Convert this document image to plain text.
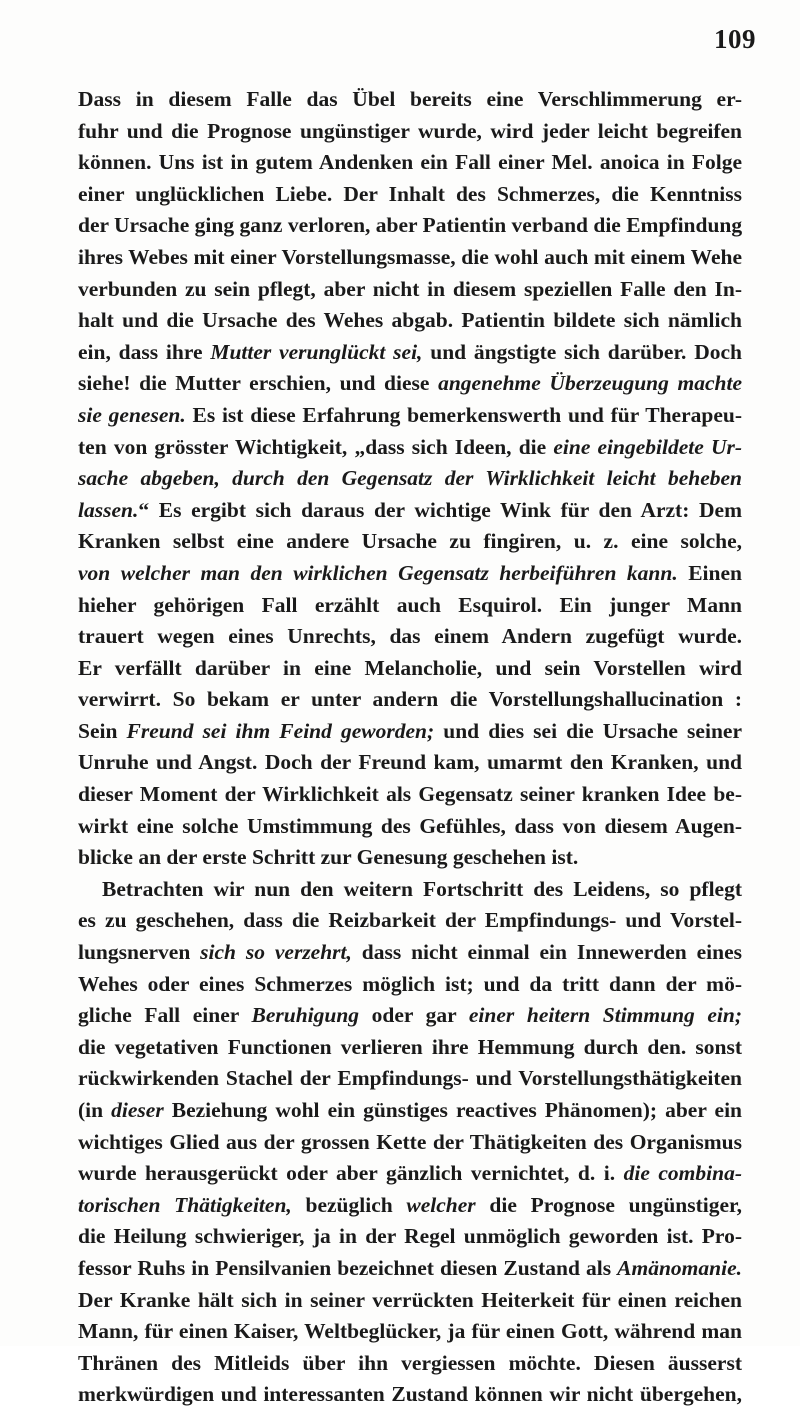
109
Dass in diesem Falle das Übel bereits eine Verschlimmerung er-
fuhr und die Prognose ungünstiger wurde, wird jeder leicht begreifen
können. Uns ist in gutem Andenken ein Fall einer Mel. anoica in Folge
einer unglücklichen Liebe. Der Inhalt des Schmerzes, die Kenntniss
der Ursache ging ganz verloren, aber Patientin verband die Empfindung
ihres Webes mit einer Vorstellungsmasse, die wohl auch mit einem Wehe
verbunden zu sein pflegt, aber nicht in diesem speziellen Falle den In-
halt und die Ursache des Wehes abgab. Patientin bildete sich nämlich
ein, dass ihre Mutter verunglückt sei, und ängstigte sich darüber. Doch
siehe! die Mutter erschien, und diese angenehme Überzeugung machte
sie genesen. Es ist diese Erfahrung bemerkenswerth und für Therapeu-
ten von grösster Wichtigkeit, „dass sich Ideen, die eine eingebildete Ur-
sache abgeben, durch den Gegensatz der Wirklichkeit leicht beheben
lassen.“ Es ergibt sich daraus der wichtige Wink für den Arzt: Dem
Kranken selbst eine andere Ursache zu fingiren, u. z. eine solche,
von welcher man den wirklichen Gegensatz herbeiführen kann. Einen
hieher gehörigen Fall erzählt auch Esquirol. Ein junger Mann
trauert wegen eines Unrechts, das einem Andern zugefügt wurde.
Er verfällt darüber in eine Melancholie, und sein Vorstellen wird
verwirrt. So bekam er unter andern die Vorstellungshallucination :
Sein Freund sei ihm Feind geworden; und dies sei die Ursache seiner
Unruhe und Angst. Doch der Freund kam, umarmt den Kranken, und
dieser Moment der Wirklichkeit als Gegensatz seiner kranken Idee be-
wirkt eine solche Umstimmung des Gefühles, dass von diesem Augen-
blicke an der erste Schritt zur Genesung geschehen ist.
Betrachten wir nun den weitern Fortschritt des Leidens, so pflegt
es zu geschehen, dass die Reizbarkeit der Empfindungs- und Vorstel-
lungsnerven sich so verzehrt, dass nicht einmal ein Innewerden eines
Wehes oder eines Schmerzes möglich ist; und da tritt dann der mö-
gliche Fall einer Beruhigung oder gar einer heitern Stimmung ein;
die vegetativen Functionen verlieren ihre Hemmung durch den. sonst
rückwirkenden Stachel der Empfindungs- und Vorstellungsthätigkeiten
(in dieser Beziehung wohl ein günstiges reactives Phänomen); aber ein
wichtiges Glied aus der grossen Kette der Thätigkeiten des Organismus
wurde herausgerückt oder aber gänzlich vernichtet, d. i. die combina-
torischen Thätigkeiten, bezüglich welcher die Prognose ungünstiger,
die Heilung schwieriger, ja in der Regel unmöglich geworden ist. Pro-
fessor Ruhs in Pensilvanien bezeichnet diesen Zustand als Amänomanie.
Der Kranke hält sich in seiner verrückten Heiterkeit für einen reichen
Mann, für einen Kaiser, Weltbeglücker, ja für einen Gott, während man
Thränen des Mitleids über ihn vergiessen möchte. Diesen äusserst
merkwürdigen und interessanten Zustand können wir nicht übergehen,
